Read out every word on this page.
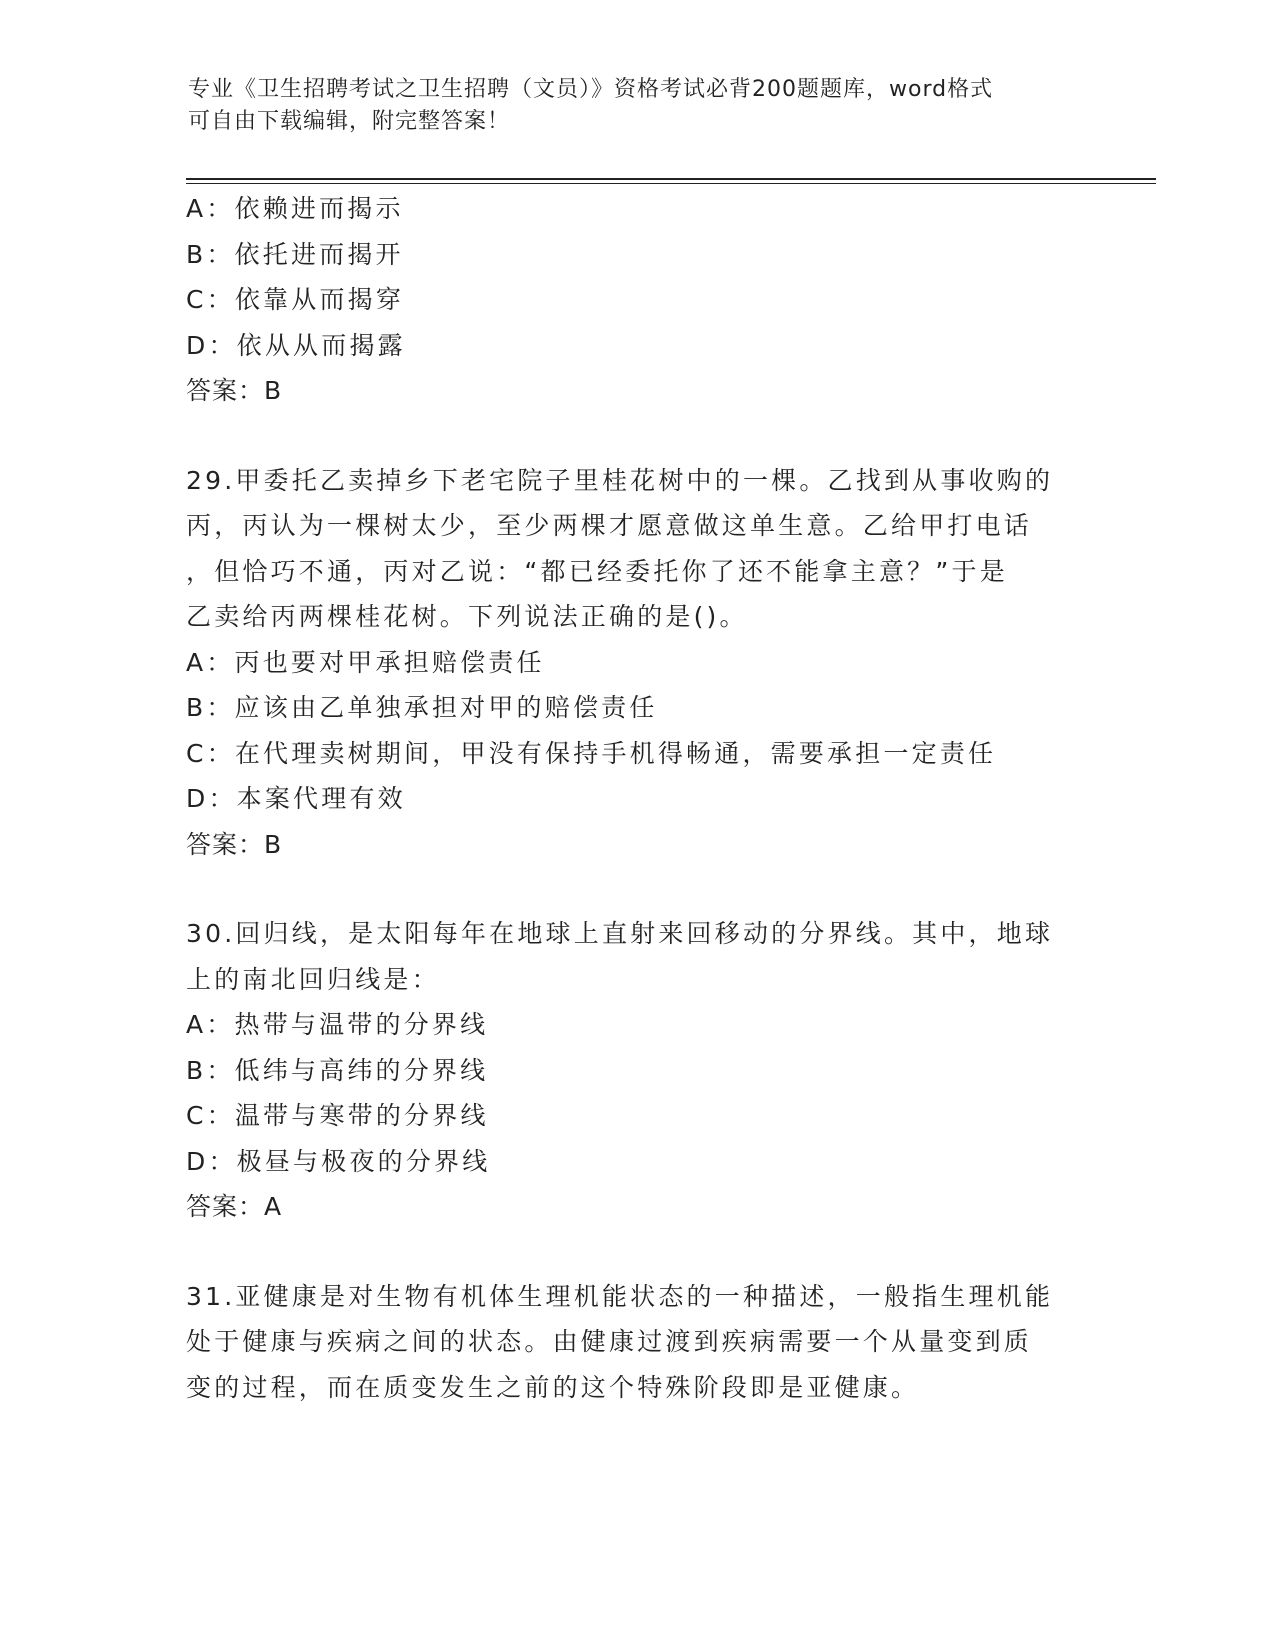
专业《卫生招聘考试之卫生招聘（文员）》资格考试必背200题题库，word格式
可自由下载编辑，附完整答案！
A：依赖进而揭示
B：依托进而揭开
C：依靠从而揭穿
D：依从从而揭露
答案：B
29.甲委托乙卖掉乡下老宅院子里桂花树中的一棵。乙找到从事收购的
丙，丙认为一棵树太少，至少两棵才愿意做这单生意。乙给甲打电话
，但恰巧不通，丙对乙说：“都已经委托你了还不能拿主意？”于是
乙卖给丙两棵桂花树。下列说法正确的是()。
A：丙也要对甲承担赔偿责任
B：应该由乙单独承担对甲的赔偿责任
C：在代理卖树期间，甲没有保持手机得畅通，需要承担一定责任
D：本案代理有效
答案：B
30.回归线，是太阳每年在地球上直射来回移动的分界线。其中，地球
上的南北回归线是：
A：热带与温带的分界线
B：低纬与高纬的分界线
C：温带与寒带的分界线
D：极昼与极夜的分界线
答案：A
31.亚健康是对生物有机体生理机能状态的一种描述，一般指生理机能
处于健康与疾病之间的状态。由健康过渡到疾病需要一个从量变到质
变的过程，而在质变发生之前的这个特殊阶段即是亚健康。
